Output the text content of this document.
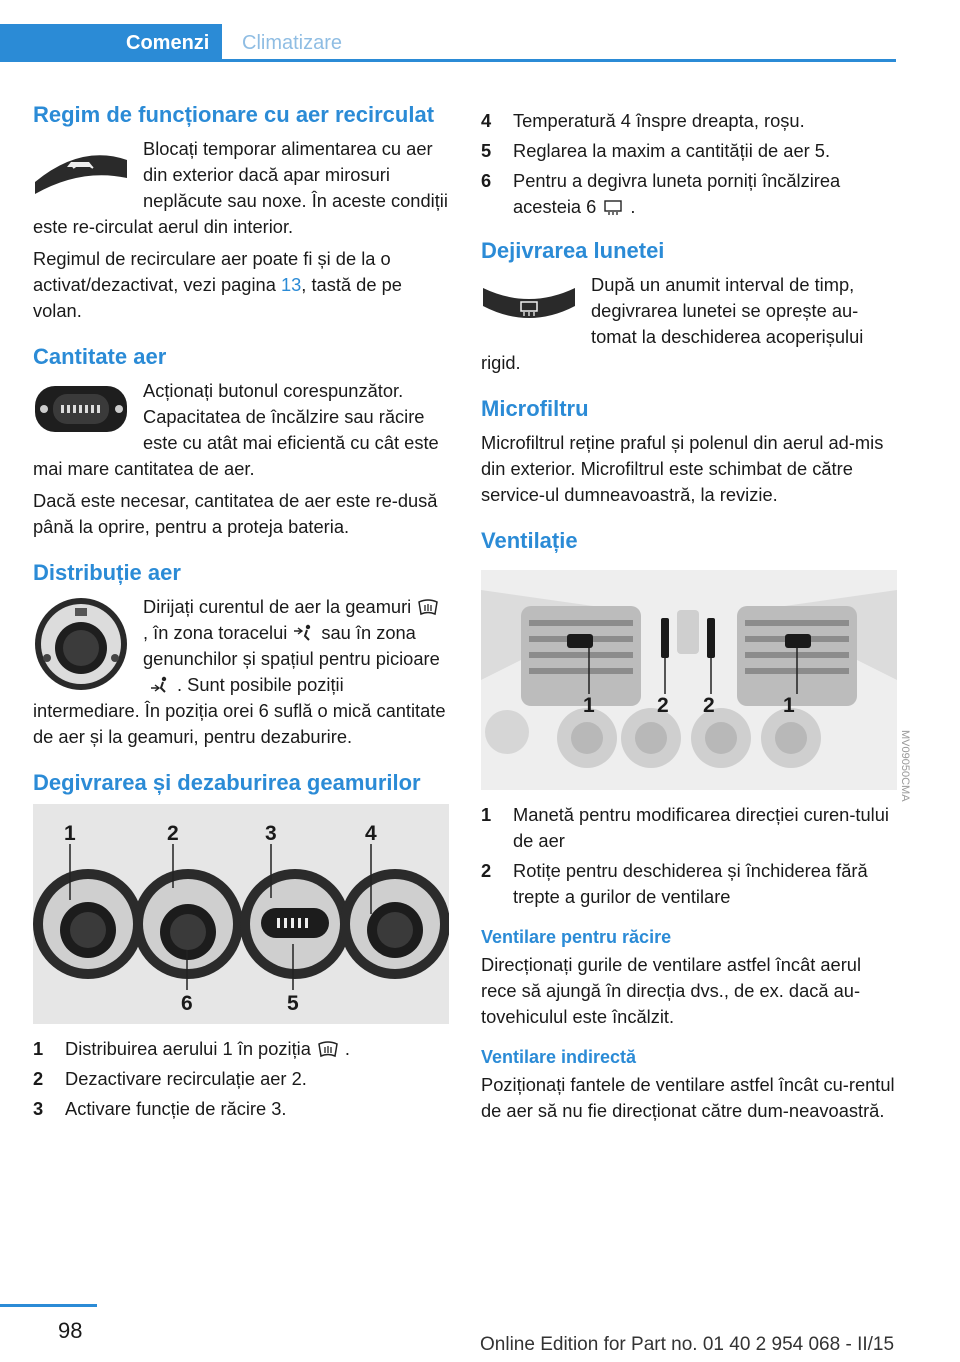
Comenzi	Climatizare
Regim de funcționare cu aer recirculat

Blocați temporar alimentarea cu aer din exterior dacă apar mirosuri neplăcute sau noxe. În aceste condiții este re-circulat aerul din interior.

Regimul de recirculare aer poate fi și de la o activat/dezactivat, vezi pagina 13, tastă de pe volan.

Cantitate aer

Acționați butonul corespunzător. Capacitatea de încălzire sau răcire este cu atât mai eficientă cu cât este mai mare cantitatea de aer.

Dacă este necesar, cantitatea de aer este re-dusă până la oprire, pentru a proteja bateria.

Distribuție aer

Dirijați curentul de aer la geamuri, în zona toracelui sau în zona genunchilor și spațiul pentru picioare. Sunt posibile poziții intermediare. În poziția orei 6 suflă o mică cantitate de aer și la geamuri, pentru dezaburire.

Degivrarea și dezaburirea geamurilor
1	2	3	4
6	5
1	Distribuirea aerului 1 în poziția .
2	Dezactivare recirculație aer 2.
3	Activare funcție de răcire 3.
4	Temperatură 4 înspre dreapta, roșu.
5	Reglarea la maxim a cantității de aer 5.
6	Pentru a degivra luneta porniți încălzirea acesteia 6 .
Dejivrarea lunetei

După un anumit interval de timp, degivrarea lunetei se oprește au-tomat la deschiderea acoperișului rigid.

Microfiltru

Microfiltrul reține praful și polenul din aerul ad-mis din exterior. Microfiltrul este schimbat de către service-ul dumneavoastră, la revizie.

Ventilație
1	2 2	1
1	Manetă pentru modificarea direcției curen-tului de aer
2	Rotițe pentru deschiderea și închiderea fără trepte a gurilor de ventilare
Ventilare pentru răcire

Direcționați gurile de ventilare astfel încât aerul rece să ajungă în direcția dvs., de ex. dacă au-tovehiculul este încălzit.

Ventilare indirectă

Poziționați fantele de ventilare astfel încât cu-rentul de aer să nu fie direcționat către dum-neavoastră.

MV09050CMA
98
Online Edition for Part no. 01 40 2 954 068 - II/15
